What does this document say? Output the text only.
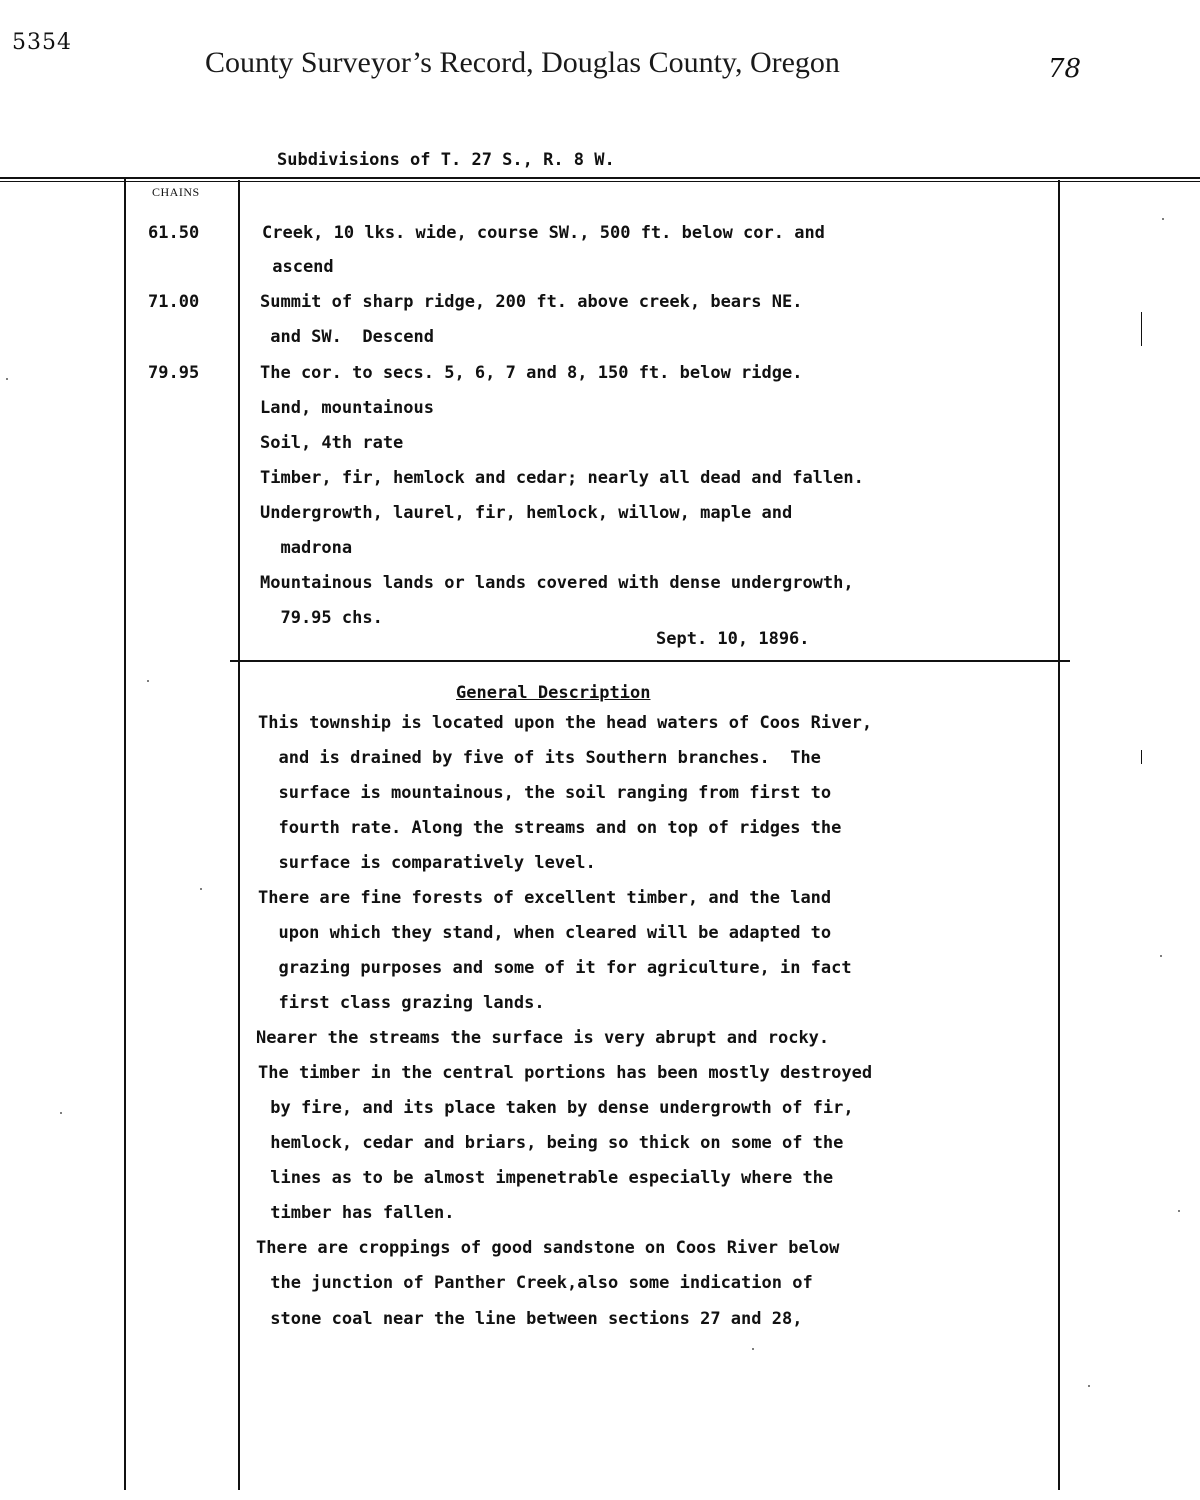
5354
County Surveyor’s Record, Douglas County, Oregon	78
Subdivisions of T. 27 S., R. 8 W.
CHAINS
61.50	Creek, 10 lks. wide, course SW., 500 ft. below cor. and
ascend
71.00	Summit of sharp ridge, 200 ft. above creek, bears NE.
and SW.  Descend
79.95	The cor. to secs. 5, 6, 7 and 8, 150 ft. below ridge.
Land, mountainous
Soil, 4th rate
Timber, fir, hemlock and cedar; nearly all dead and fallen.
Undergrowth, laurel, fir, hemlock, willow, maple and
madrona
Mountainous lands or lands covered with dense undergrowth,
79.95 chs.
Sept. 10, 1896.
General Description
This township is located upon the head waters of Coos River,
and is drained by five of its Southern branches.  The
surface is mountainous, the soil ranging from first to
fourth rate. Along the streams and on top of ridges the
surface is comparatively level.
There are fine forests of excellent timber, and the land
upon which they stand, when cleared will be adapted to
grazing purposes and some of it for agriculture, in fact
first class grazing lands.
Nearer the streams the surface is very abrupt and rocky.
The timber in the central portions has been mostly destroyed
by fire, and its place taken by dense undergrowth of fir,
hemlock, cedar and briars, being so thick on some of the
lines as to be almost impenetrable especially where the
timber has fallen.
There are croppings of good sandstone on Coos River below
the junction of Panther Creek,also some indication of
stone coal near the line between sections 27 and 28,
